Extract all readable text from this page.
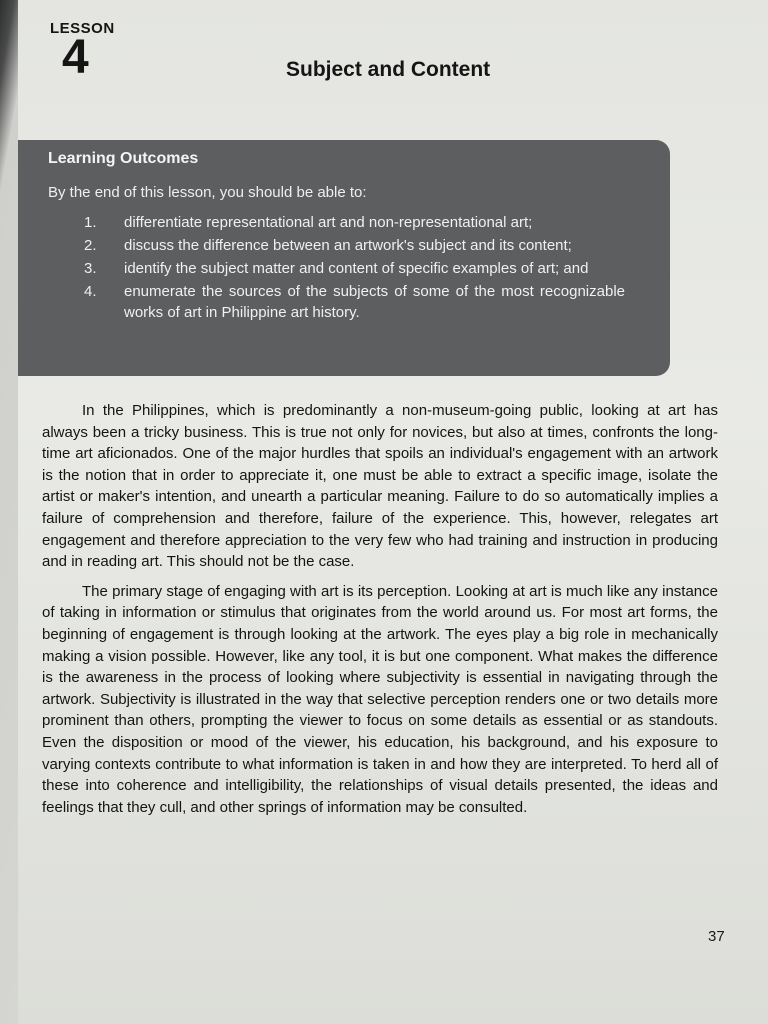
LESSON
4	Subject and Content
Learning Outcomes
By the end of this lesson, you should be able to:
1. differentiate representational art and non-representational art;
2. discuss the difference between an artwork's subject and its content;
3. identify the subject matter and content of specific examples of art; and
4. enumerate the sources of the subjects of some of the most recognizable works of art in Philippine art history.

In the Philippines, which is predominantly a non-museum-going public, looking at art has always been a tricky business. This is true not only for novices, but also at times, confronts the long-time art aficionados. One of the major hurdles that spoils an individual's engagement with an artwork is the notion that in order to appreciate it, one must be able to extract a specific image, isolate the artist or maker's intention, and unearth a particular meaning. Failure to do so automatically implies a failure of comprehension and therefore, failure of the experience. This, however, relegates art engagement and therefore appreciation to the very few who had training and instruction in producing and in reading art. This should not be the case.

The primary stage of engaging with art is its perception. Looking at art is much like any instance of taking in information or stimulus that originates from the world around us. For most art forms, the beginning of engagement is through looking at the artwork. The eyes play a big role in mechanically making a vision possible. However, like any tool, it is but one component. What makes the difference is the awareness in the process of looking where subjectivity is essential in navigating through the artwork. Subjectivity is illustrated in the way that selective perception renders one or two details more prominent than others, prompting the viewer to focus on some details as essential or as standouts. Even the disposition or mood of the viewer, his education, his background, and his exposure to varying contexts contribute to what information is taken in and how they are interpreted. To herd all of these into coherence and intelligibility, the relationships of visual details presented, the ideas and feelings that they cull, and other springs of information may be consulted.

37
